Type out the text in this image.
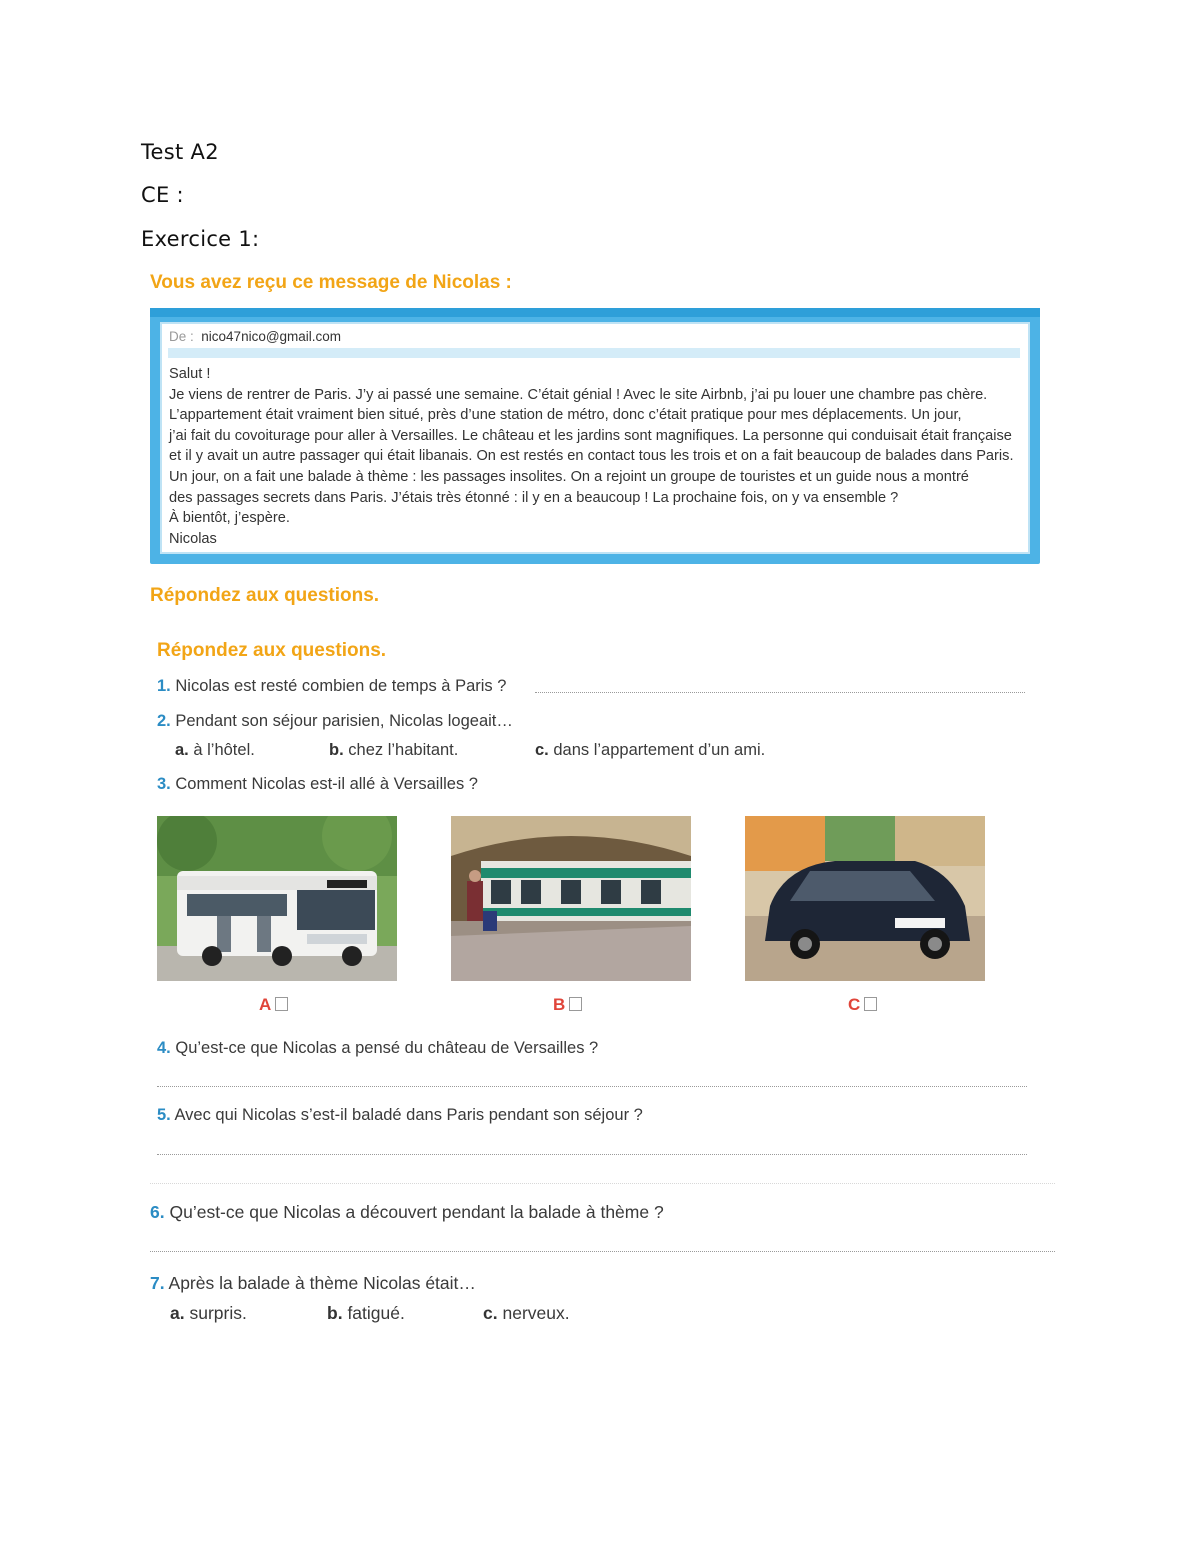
Test A2
CE :
Exercice 1:
Vous avez reçu ce message de Nicolas :
De : nico47nico@gmail.com
Salut !
Je viens de rentrer de Paris. J’y ai passé une semaine. C’était génial ! Avec le site Airbnb, j’ai pu louer une chambre pas chère.
L’appartement était vraiment bien situé, près d’une station de métro, donc c’était pratique pour mes déplacements. Un jour,
j’ai fait du covoiturage pour aller à Versailles. Le château et les jardins sont magnifiques. La personne qui conduisait était française
et il y avait un autre passager qui était libanais. On est restés en contact tous les trois et on a fait beaucoup de balades dans Paris.
Un jour, on a fait une balade à thème : les passages insolites. On a rejoint un groupe de touristes et un guide nous a montré
des passages secrets dans Paris. J’étais très étonné : il y en a beaucoup ! La prochaine fois, on y va ensemble ?
À bientôt, j’espère.
Nicolas
Répondez aux questions.
Répondez aux questions.
1. Nicolas est resté combien de temps à Paris ?
2. Pendant son séjour parisien, Nicolas logeait…
a. à l’hôtel.	b. chez l’habitant.	c. dans l’appartement d’un ami.
3. Comment Nicolas est-il allé à Versailles ?
A	B	C
4. Qu’est-ce que Nicolas a pensé du château de Versailles ?
5. Avec qui Nicolas s’est-il baladé dans Paris pendant son séjour ?
6. Qu’est-ce que Nicolas a découvert pendant la balade à thème ?
7. Après la balade à thème Nicolas était…
a. surpris.	b. fatigué.	c. nerveux.
